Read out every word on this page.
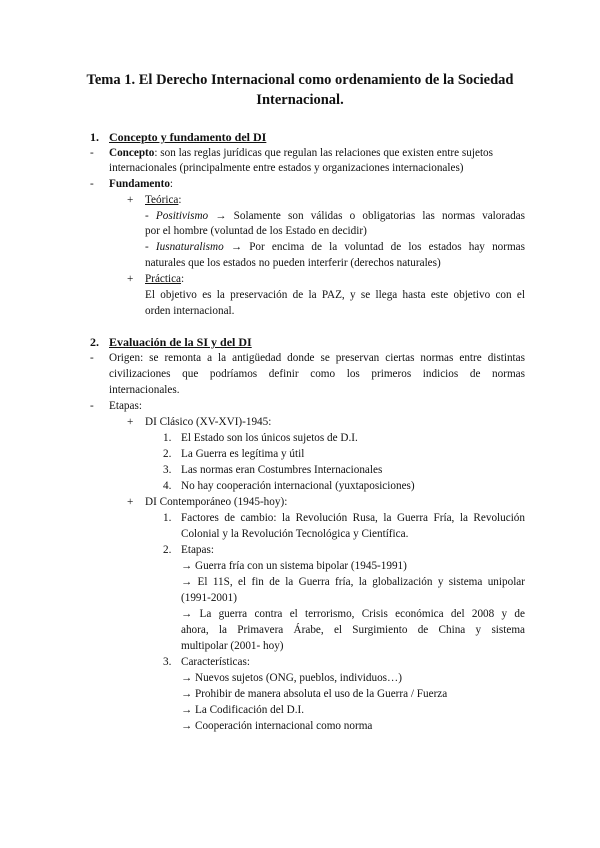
Tema 1. El Derecho Internacional como ordenamiento de la Sociedad
Internacional.
1. Concepto y fundamento del DI
- Concepto: son las reglas jurídicas que regulan las relaciones que existen entre sujetos
internacionales (principalmente entre estados y organizaciones internacionales)
- Fundamento:
+ Teórica:
- Positivismo → Solamente son válidas o obligatorias las normas valoradas
por el hombre (voluntad de los Estado en decidir)
- Iusnaturalismo → Por encima de la voluntad de los estados hay normas
naturales que los estados no pueden interferir (derechos naturales)
+ Práctica:
El objetivo es la preservación de la PAZ, y se llega hasta este objetivo con el
orden internacional.
2. Evaluación de la SI y del DI
- Origen: se remonta a la antigüedad donde se preservan ciertas normas entre distintas
civilizaciones que podríamos definir como los primeros indicios de normas
internacionales.
- Etapas:
+ DI Clásico (XV-XVI)-1945:
1. El Estado son los únicos sujetos de D.I.
2. La Guerra es legítima y útil
3. Las normas eran Costumbres Internacionales
4. No hay cooperación internacional (yuxtaposiciones)
+ DI Contemporáneo (1945-hoy):
1. Factores de cambio: la Revolución Rusa, la Guerra Fría, la Revolución
Colonial y la Revolución Tecnológica y Científica.
2. Etapas:
→ Guerra fría con un sistema bipolar (1945-1991)
→ El 11S, el fin de la Guerra fría, la globalización y sistema unipolar
(1991-2001)
→ La guerra contra el terrorismo, Crisis económica del 2008 y de
ahora, la Primavera Árabe, el Surgimiento de China y sistema
multipolar (2001- hoy)
3. Características:
→ Nuevos sujetos (ONG, pueblos, individuos…)
→ Prohibir de manera absoluta el uso de la Guerra / Fuerza
→ La Codificación del D.I.
→ Cooperación internacional como norma
